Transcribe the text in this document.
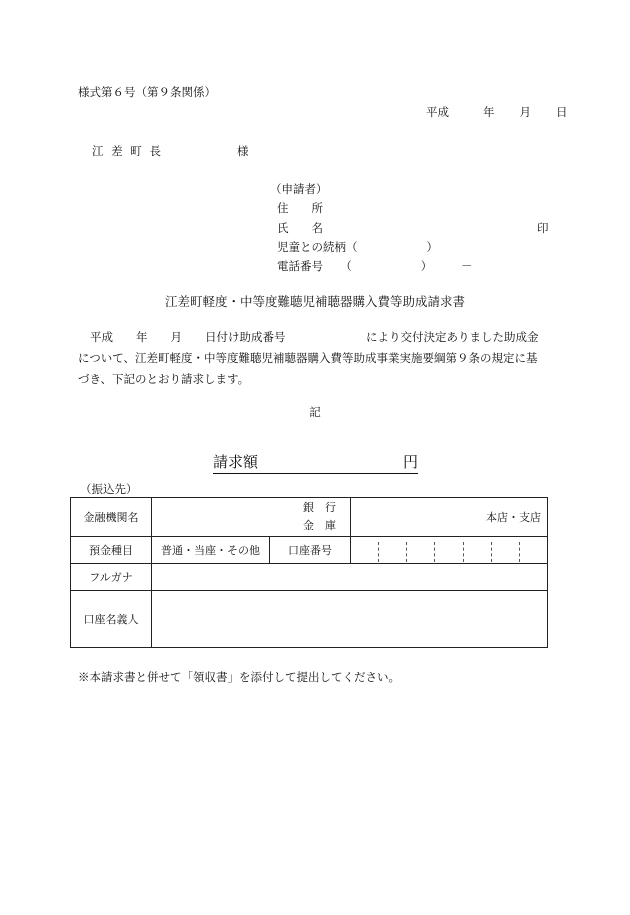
様式第６号（第９条関係）
平成	年 月 日
江 差 町 長	様
（申請者）
住　　所
氏　　名	印
児童との続柄（　　　　　　）
電話番号　　（　　　　　　）　　　－
江差町軽度・中等度難聴児補聴器購入費等助成請求書

平成　　年　　月　　日付け助成番号　　　　　　　により交付決定ありました助成金

について、江差町軽度・中等度難聴児補聴器購入費等助成事業実施要綱第９条の規定に基

づき、下記のとおり請求します。

記
請求額	円
（振込先）
金融機関名	銀　行
金　庫		本店・支店
預金種目	普通・当座・その他	口座番号	

フルガナ			
口座名義人			
※本請求書と併せて「領収書」を添付して提出してください。
